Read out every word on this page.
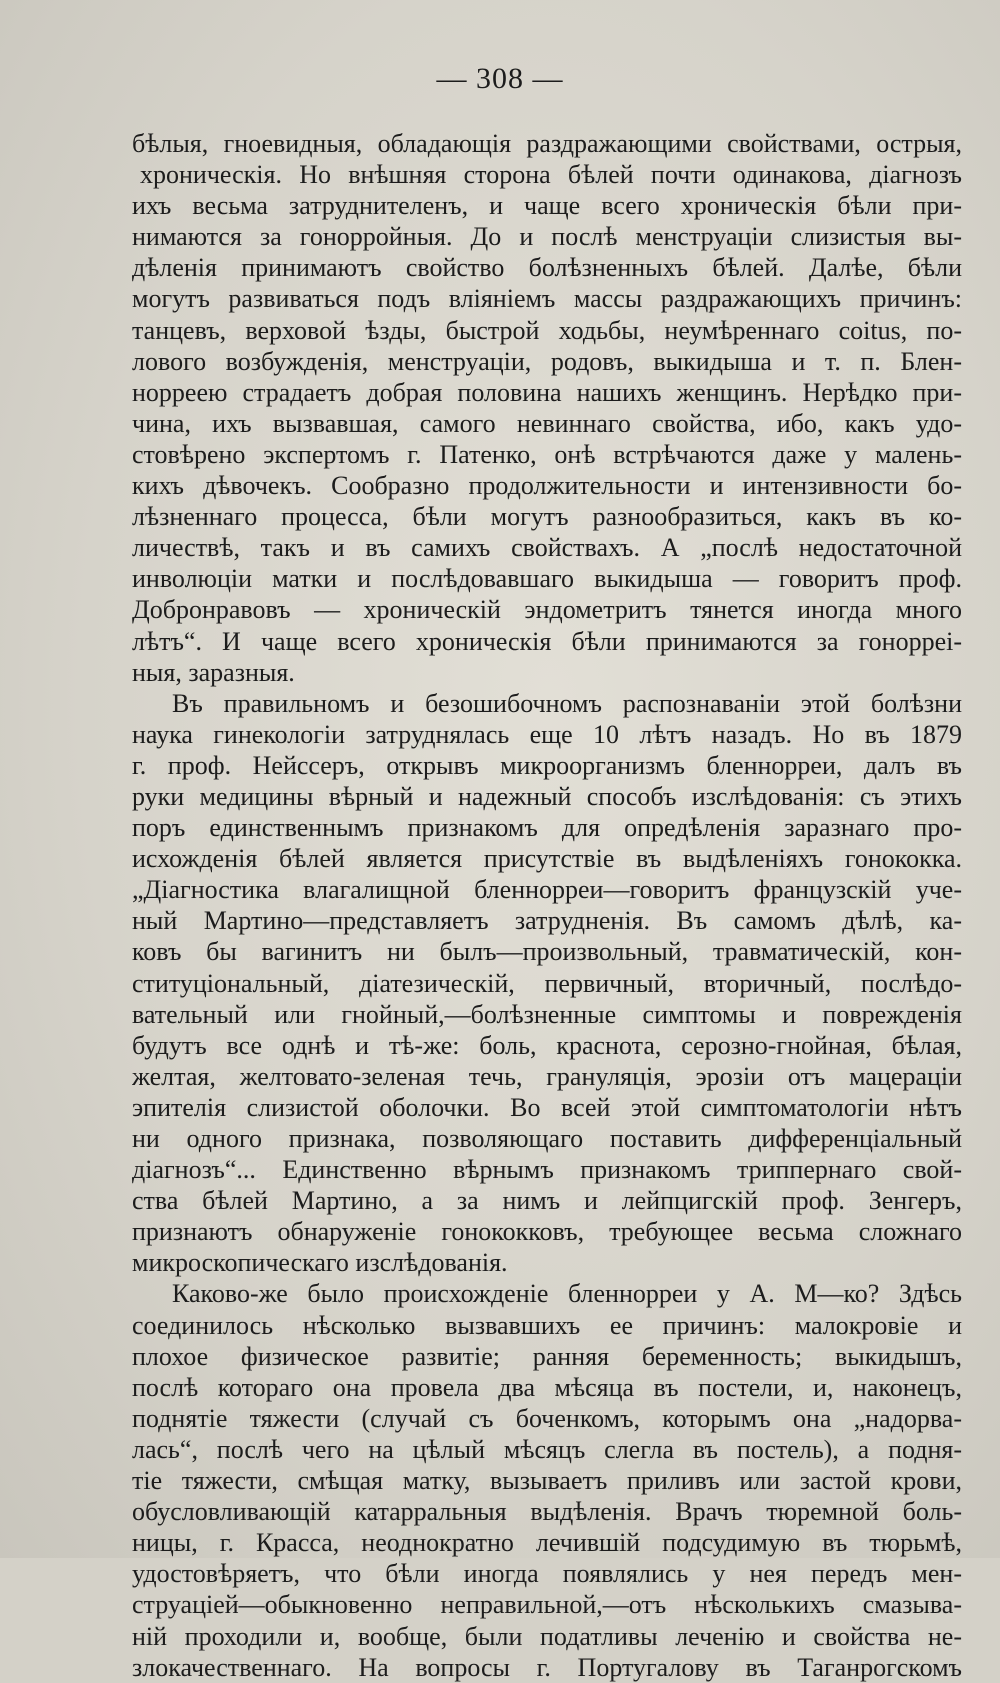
— 308 —
бѣлыя, гноевидныя, обладающія раздражающими свойствами, острыя,
хроническія. Но внѣшняя сторона бѣлей почти одинакова, діагнозъ
ихъ весьма затруднителенъ, и чаще всего хроническія бѣли при-
нимаются за гонорройныя. До и послѣ менструаціи слизистыя вы-
дѣленія принимаютъ свойство болѣзненныхъ бѣлей. Далѣе, бѣли
могутъ развиваться подъ вліяніемъ массы раздражающихъ причинъ:
танцевъ, верховой ѣзды, быстрой ходьбы, неумѣреннаго coitus, по-
лового возбужденія, менструаціи, родовъ, выкидыша и т. п. Блен-
норреею страдаетъ добрая половина нашихъ женщинъ. Нерѣдко при-
чина, ихъ вызвавшая, самого невиннаго свойства, ибо, какъ удо-
стовѣрено экспертомъ г. Патенко, онѣ встрѣчаются даже у малень-
кихъ дѣвочекъ. Сообразно продолжительности и интензивности бо-
лѣзненнаго процесса, бѣли могутъ разнообразиться, какъ въ ко-
личествѣ, такъ и въ самихъ свойствахъ. А „послѣ недостаточной
инволюціи матки и послѣдовавшаго выкидыша — говоритъ проф.
Добронравовъ — хроническій эндометритъ тянется иногда много
лѣтъ“. И чаще всего хроническія бѣли принимаются за гонорреі-
ныя, заразныя.
Въ правильномъ и безошибочномъ распознаваніи этой болѣзни
наука гинекологіи затруднялась еще 10 лѣтъ назадъ. Но въ 1879
г. проф. Нейссеръ, открывъ микроорганизмъ бленнорреи, далъ въ
руки медицины вѣрный и надежный способъ изслѣдованія: съ этихъ
поръ единственнымъ признакомъ для опредѣленія заразнаго про-
исхожденія бѣлей является присутствіе въ выдѣленіяхъ гонококка.
„Діагностика влагалищной бленнорреи—говоритъ французскій уче-
ный Мартино—представляетъ затрудненія. Въ самомъ дѣлѣ, ка-
ковъ бы вагинитъ ни былъ—произвольный, травматическій, кон-
ституціональный, діатезическій, первичный, вторичный, послѣдо-
вательный или гнойный,—болѣзненные симптомы и поврежденія
будутъ все однѣ и тѣ-же: боль, краснота, серозно-гнойная, бѣлая,
желтая, желтовато-зеленая течь, грануляція, эрозіи отъ мацераціи
эпителія слизистой оболочки. Во всей этой симптоматологіи нѣтъ
ни одного признака, позволяющаго поставить дифференціальный
діагнозъ“... Единственно вѣрнымъ признакомъ триппернаго свой-
ства бѣлей Мартино, а за нимъ и лейпцигскій проф. Зенгеръ,
признаютъ обнаруженіе гонококковъ, требующее весьма сложнаго
микроскопическаго изслѣдованія.
Каково-же было происхожденіе бленнорреи у А. М—ко? Здѣсь
соединилось нѣсколько вызвавшихъ ее причинъ: малокровіе и
плохое физическое развитіе; ранняя беременность; выкидышъ,
послѣ котораго она провела два мѣсяца въ постели, и, наконецъ,
поднятіе тяжести (случай съ боченкомъ, которымъ она „надорва-
лась“, послѣ чего на цѣлый мѣсяцъ слегла въ постель), а подня-
тіе тяжести, смѣщая матку, вызываетъ приливъ или застой крови,
обусловливающій катарральныя выдѣленія. Врачъ тюремной боль-
ницы, г. Красса, неоднократно лечившій подсудимую въ тюрьмѣ,
удостовѣряетъ, что бѣли иногда появлялись у нея передъ мен-
струаціей—обыкновенно неправильной,—отъ нѣсколькихъ смазыва-
ній проходили и, вообще, были податливы леченію и свойства не-
злокачественнаго. На вопросы г. Португалову въ Таганрогскомъ
